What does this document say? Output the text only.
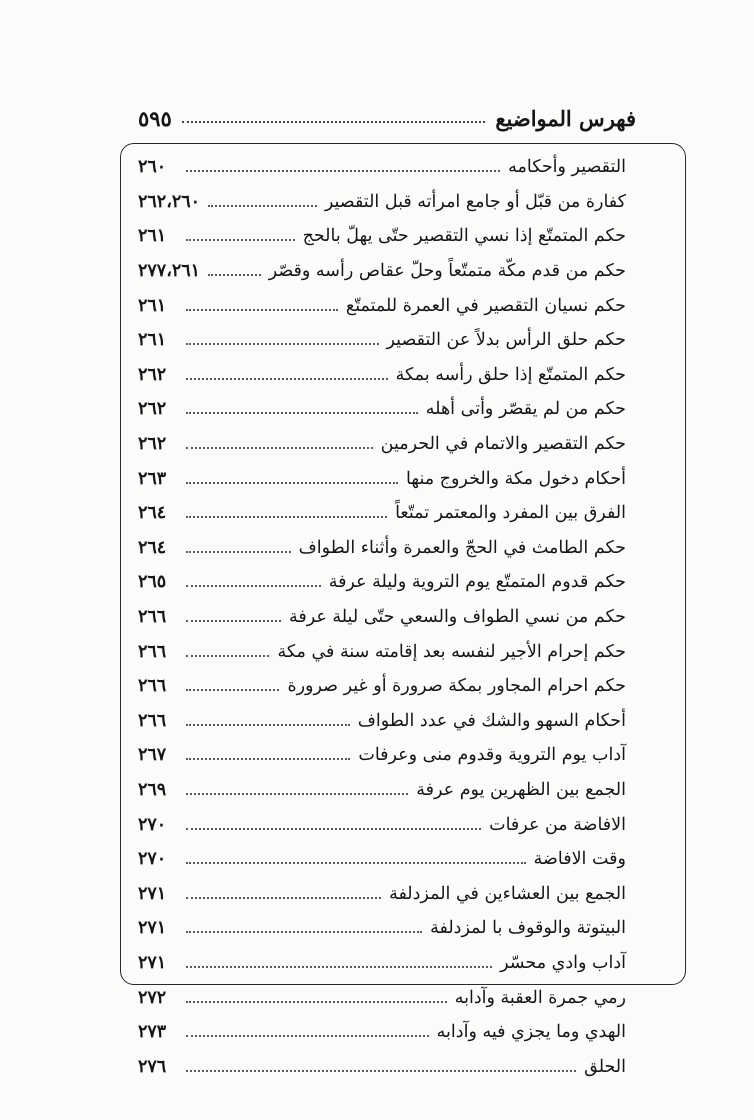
فهرس المواضيع
٥٩٥
التقصير وأحكامه
٢٦٠
كفارة من قبّل أو جامع امرأته قبل التقصير
٢٦٢،٢٦٠
حكم المتمتّع إذا نسي التقصير حتّى يهلّ بالحج
٢٦١
حكم من قدم مكّة متمتّعاً وحلّ عقاص رأسه وقصّر
٢٧٧،٢٦١
حكم نسيان التقصير في العمرة للمتمتّع
٢٦١
حكم حلق الرأس بدلاً عن التقصير
٢٦١
حكم المتمتّع إذا حلق رأسه بمكة
٢٦٢
حكم من لم يقصّر وأتى أهله
٢٦٢
حكم التقصير والاتمام في الحرمين
٢٦٢
أحكام دخول مكة والخروج منها
٢٦٣
الفرق بين المفرد والمعتمر تمتّعاً
٢٦٤
حكم الطامث في الحجّ والعمرة وأثناء الطواف
٢٦٤
حكم قدوم المتمتّع يوم التروية وليلة عرفة
٢٦٥
حكم من نسي الطواف والسعي حتّى ليلة عرفة
٢٦٦
حكم إحرام الأجير لنفسه بعد إقامته سنة في مكة
٢٦٦
حكم احرام المجاور بمكة صرورة أو غير صرورة
٢٦٦
أحكام السهو والشك في عدد الطواف
٢٦٦
آداب يوم التروية وقدوم منى وعرفات
٢٦٧
الجمع بين الظهرين يوم عرفة
٢٦٩
الافاضة من عرفات
٢٧٠
وقت الافاضة
٢٧٠
الجمع بين العشاءين في المزدلفة
٢٧١
البيتوتة والوقوف با لمزدلفة
٢٧١
آداب وادي محسّر
٢٧١
رمي جمرة العقبة وآدابه
٢٧٢
الهدي وما يجزي فيه وآدابه
٢٧٣
الحلق
٢٧٦
